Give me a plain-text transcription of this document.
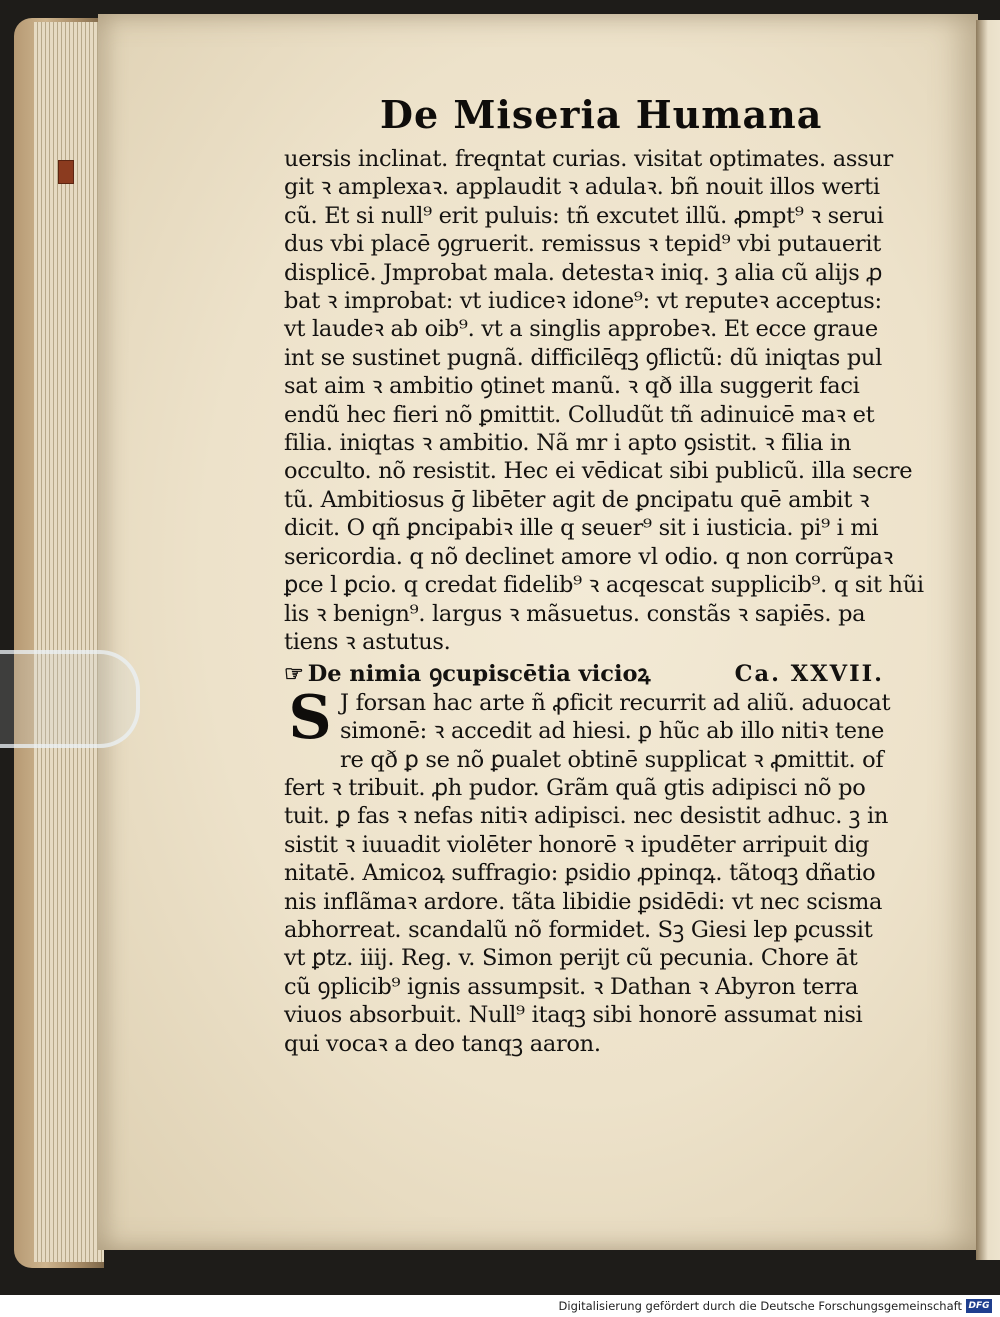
De Miseria Humana
uersis inclinat. freqntat curias. visitat optimates. assur
git ꝛ amplexaꝛ. applaudit ꝛ adulaꝛ. bñ nouit illos werti
cũ. Et si null⁹ erit puluis: tñ excutet illũ. ꝓmpt⁹ ꝛ serui
dus vbi placē ꝯgruerit. remissus ꝛ tepid⁹ vbi putauerit
displicē. Jmprobat mala. detestaꝛ iniq. ꝫ alia cũ alijs ꝓ
bat ꝛ improbat: vt iudiceꝛ idone⁹: vt reputeꝛ acceptus:
vt laudeꝛ ab oib⁹. vt a singlis approbeꝛ. Et ecce graue
int se sustinet pugnã. difficilēqꝫ ꝯflictũ: dũ iniqtas pul
sat aim ꝛ ambitio ꝯtinet manũ. ꝛ qð illa suggerit faci
endũ hec fieri nõ ꝑmittit. Colludũt tñ adinuicē maꝛ et
filia. iniqtas ꝛ ambitio. Nã mr i apto ꝯsistit. ꝛ filia in
occulto. nõ resistit. Hec ei vēdicat sibi publicũ. illa secre
tũ. Ambitiosus ḡ libēter agit de ꝑncipatu quē ambit ꝛ
dicit. O qñ ꝑncipabiꝛ ille q seuer⁹ sit i iusticia. pi⁹ i mi
sericordia. q nõ declinet amore vl odio. q non corrũpaꝛ
ꝑce l ꝑcio. q credat fidelib⁹ ꝛ acqescat supplicib⁹. q sit hũi
lis ꝛ benign⁹. largus ꝛ mãsuetus. constãs ꝛ sapiēs. pa
tiens ꝛ astutus.
☞ De nimia ꝯcupiscētia vicioꝝ	Ca. XXVII.
S J forsan hac arte ñ ꝓficit recurrit ad aliũ. aduocat
simonē: ꝛ accedit ad hiesi. ꝑ hũc ab illo nitiꝛ tene
re qð ꝑ se nõ ꝑualet obtinē supplicat ꝛ ꝓmittit. of
fert ꝛ tribuit. ꝓh pudor. Grãm quã gtis adipisci nõ po
tuit. ꝑ fas ꝛ nefas nitiꝛ adipisci. nec desistit adhuc. ꝫ in
sistit ꝛ iuuadit violēter honorē ꝛ ipudēter arripuit dig
nitatē. Amicoꝝ suffragio: ꝑsidio ꝓpinqꝝ. tãtoqꝫ dñatio
nis inflãmaꝛ ardore. tãta libidie ꝑsidēdi: vt nec scisma
abhorreat. scandalũ nõ formidet. Sꝫ Giesi lep ꝑcussit
vt ꝑtz. iiij. Reg. v. Simon perijt cũ pecunia. Chore āt
cũ ꝯplicib⁹ ignis assumpsit. ꝛ Dathan ꝛ Abyron terra
viuos absorbuit. Null⁹ itaqꝫ sibi honorē assumat nisi
qui vocaꝛ a deo tanqꝫ aaron.
Digitalisierung gefördert durch die Deutsche Forschungsgemeinschaft DFG
